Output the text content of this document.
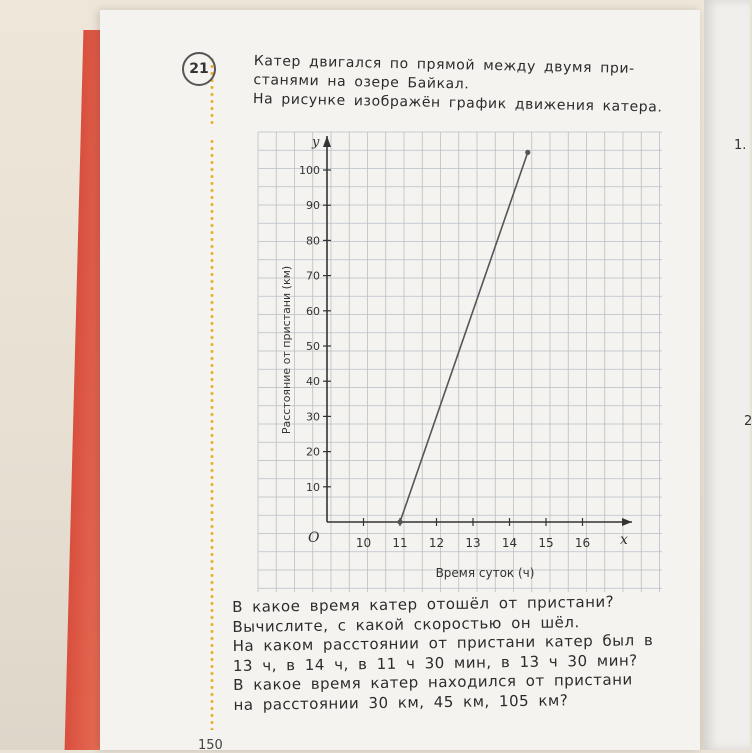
1.
2
21	Катер двигался по прямой между двумя при-
станями на озере Байкал.
На рисунке изображён график движения катера.
10 11 12 13 14 15 16
10
20
30
40
50
60
70
80
90
100
Расстояние от пристани (км)
Время суток (ч)
O	x
y
В какое время катер отошёл от пристани?
Вычислите, с какой скоростью он шёл.
На каком расстоянии от пристани катер был в
13 ч, в 14 ч, в 11 ч 30 мин, в 13 ч 30 мин?
В какое время катер находился от пристани
на расстоянии 30 км, 45 км, 105 км?
150
